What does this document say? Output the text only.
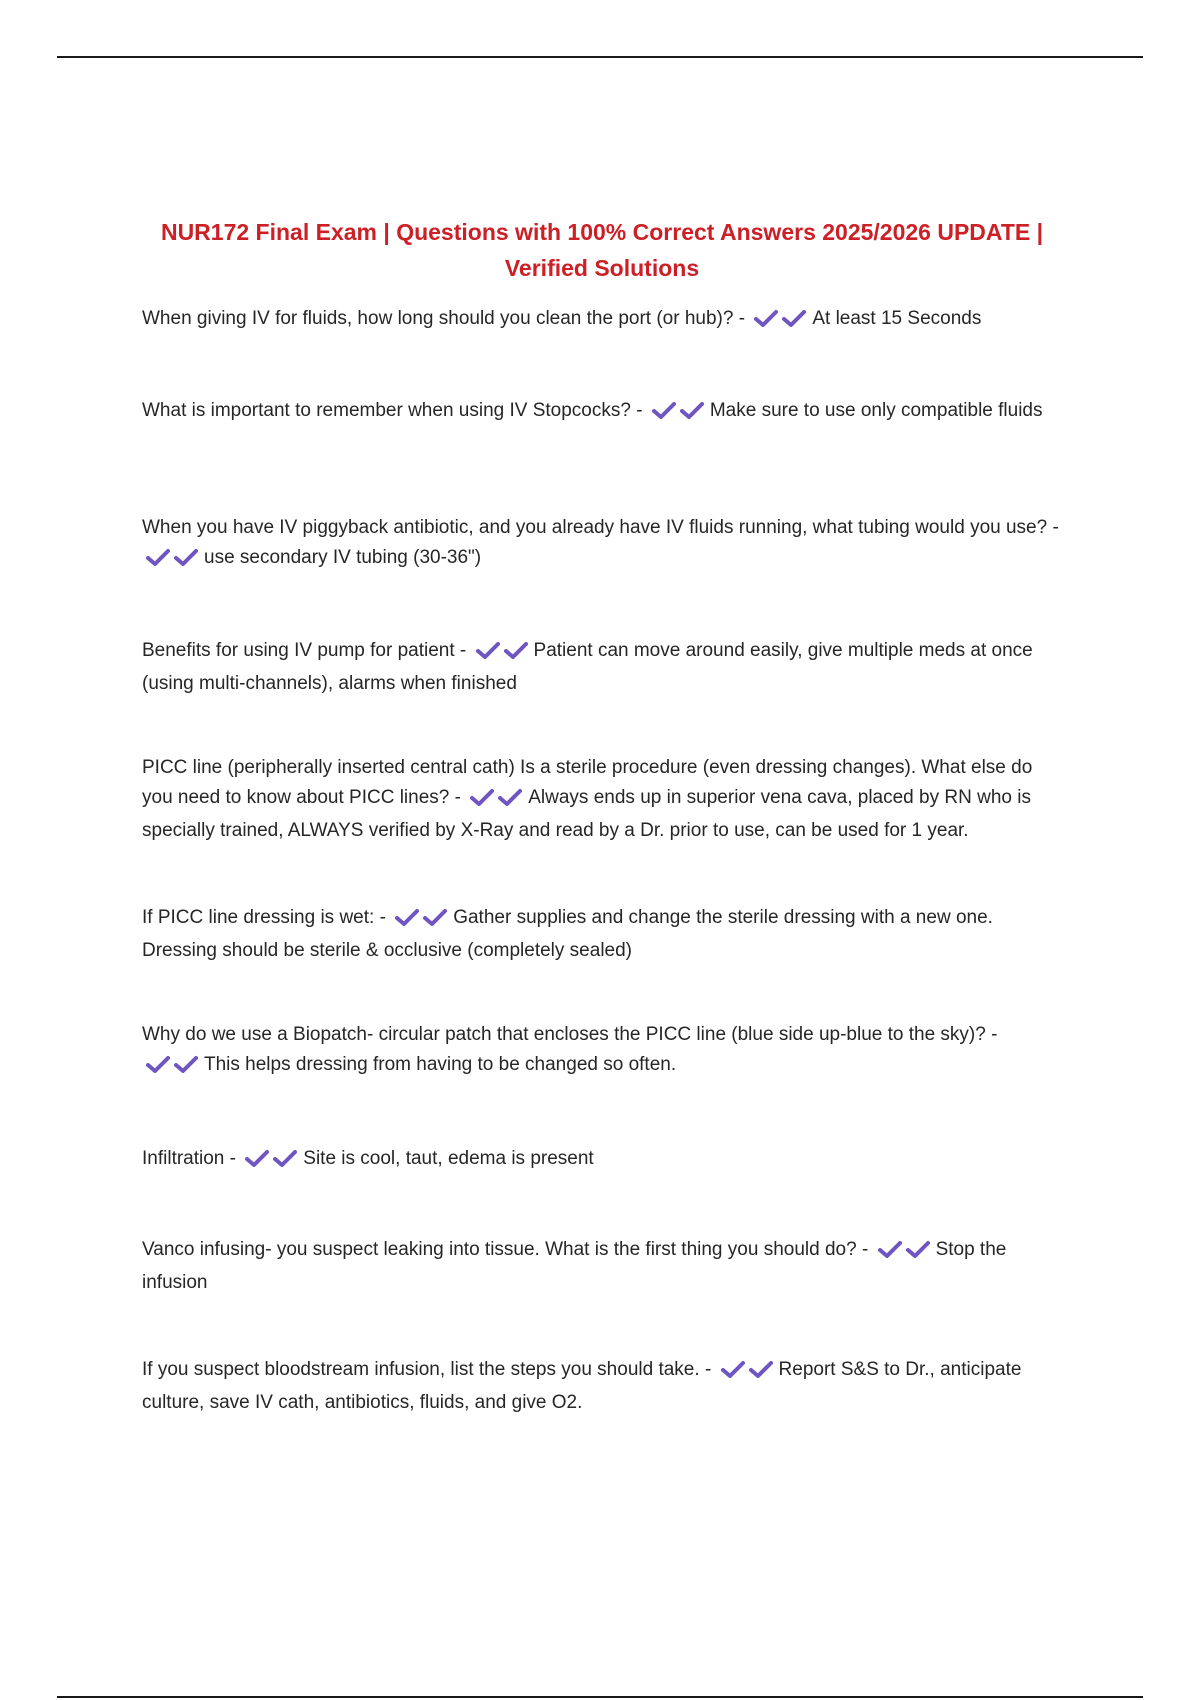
NUR172 Final Exam | Questions with 100% Correct Answers 2025/2026 UPDATE | Verified Solutions
When giving IV for fluids, how long should you clean the port (or hub)? -	At least 15 Seconds
What is important to remember when using IV Stopcocks? -	Make sure to use only compatible fluids
When you have IV piggyback antibiotic, and you already have IV fluids running, what tubing would you use? -
use secondary IV tubing (30-36")
Benefits for using IV pump for patient -	Patient can move around easily, give multiple meds at once (using multi-channels), alarms when finished
PICC line (peripherally inserted central cath) Is a sterile procedure (even dressing changes). What else do you need to know about PICC lines? -	Always ends up in superior vena cava, placed by RN who is specially trained, ALWAYS verified by X-Ray and read by a Dr. prior to use, can be used for 1 year.
If PICC line dressing is wet: -	Gather supplies and change the sterile dressing with a new one. Dressing should be sterile & occlusive (completely sealed)
Why do we use a Biopatch- circular patch that encloses the PICC line (blue side up-blue to the sky)? -
This helps dressing from having to be changed so often.
Infiltration -	Site is cool, taut, edema is present
Vanco infusing- you suspect leaking into tissue. What is the first thing you should do? -	Stop the infusion
If you suspect bloodstream infusion, list the steps you should take. -	Report S&S to Dr., anticipate culture, save IV cath, antibiotics, fluids, and give O2.
